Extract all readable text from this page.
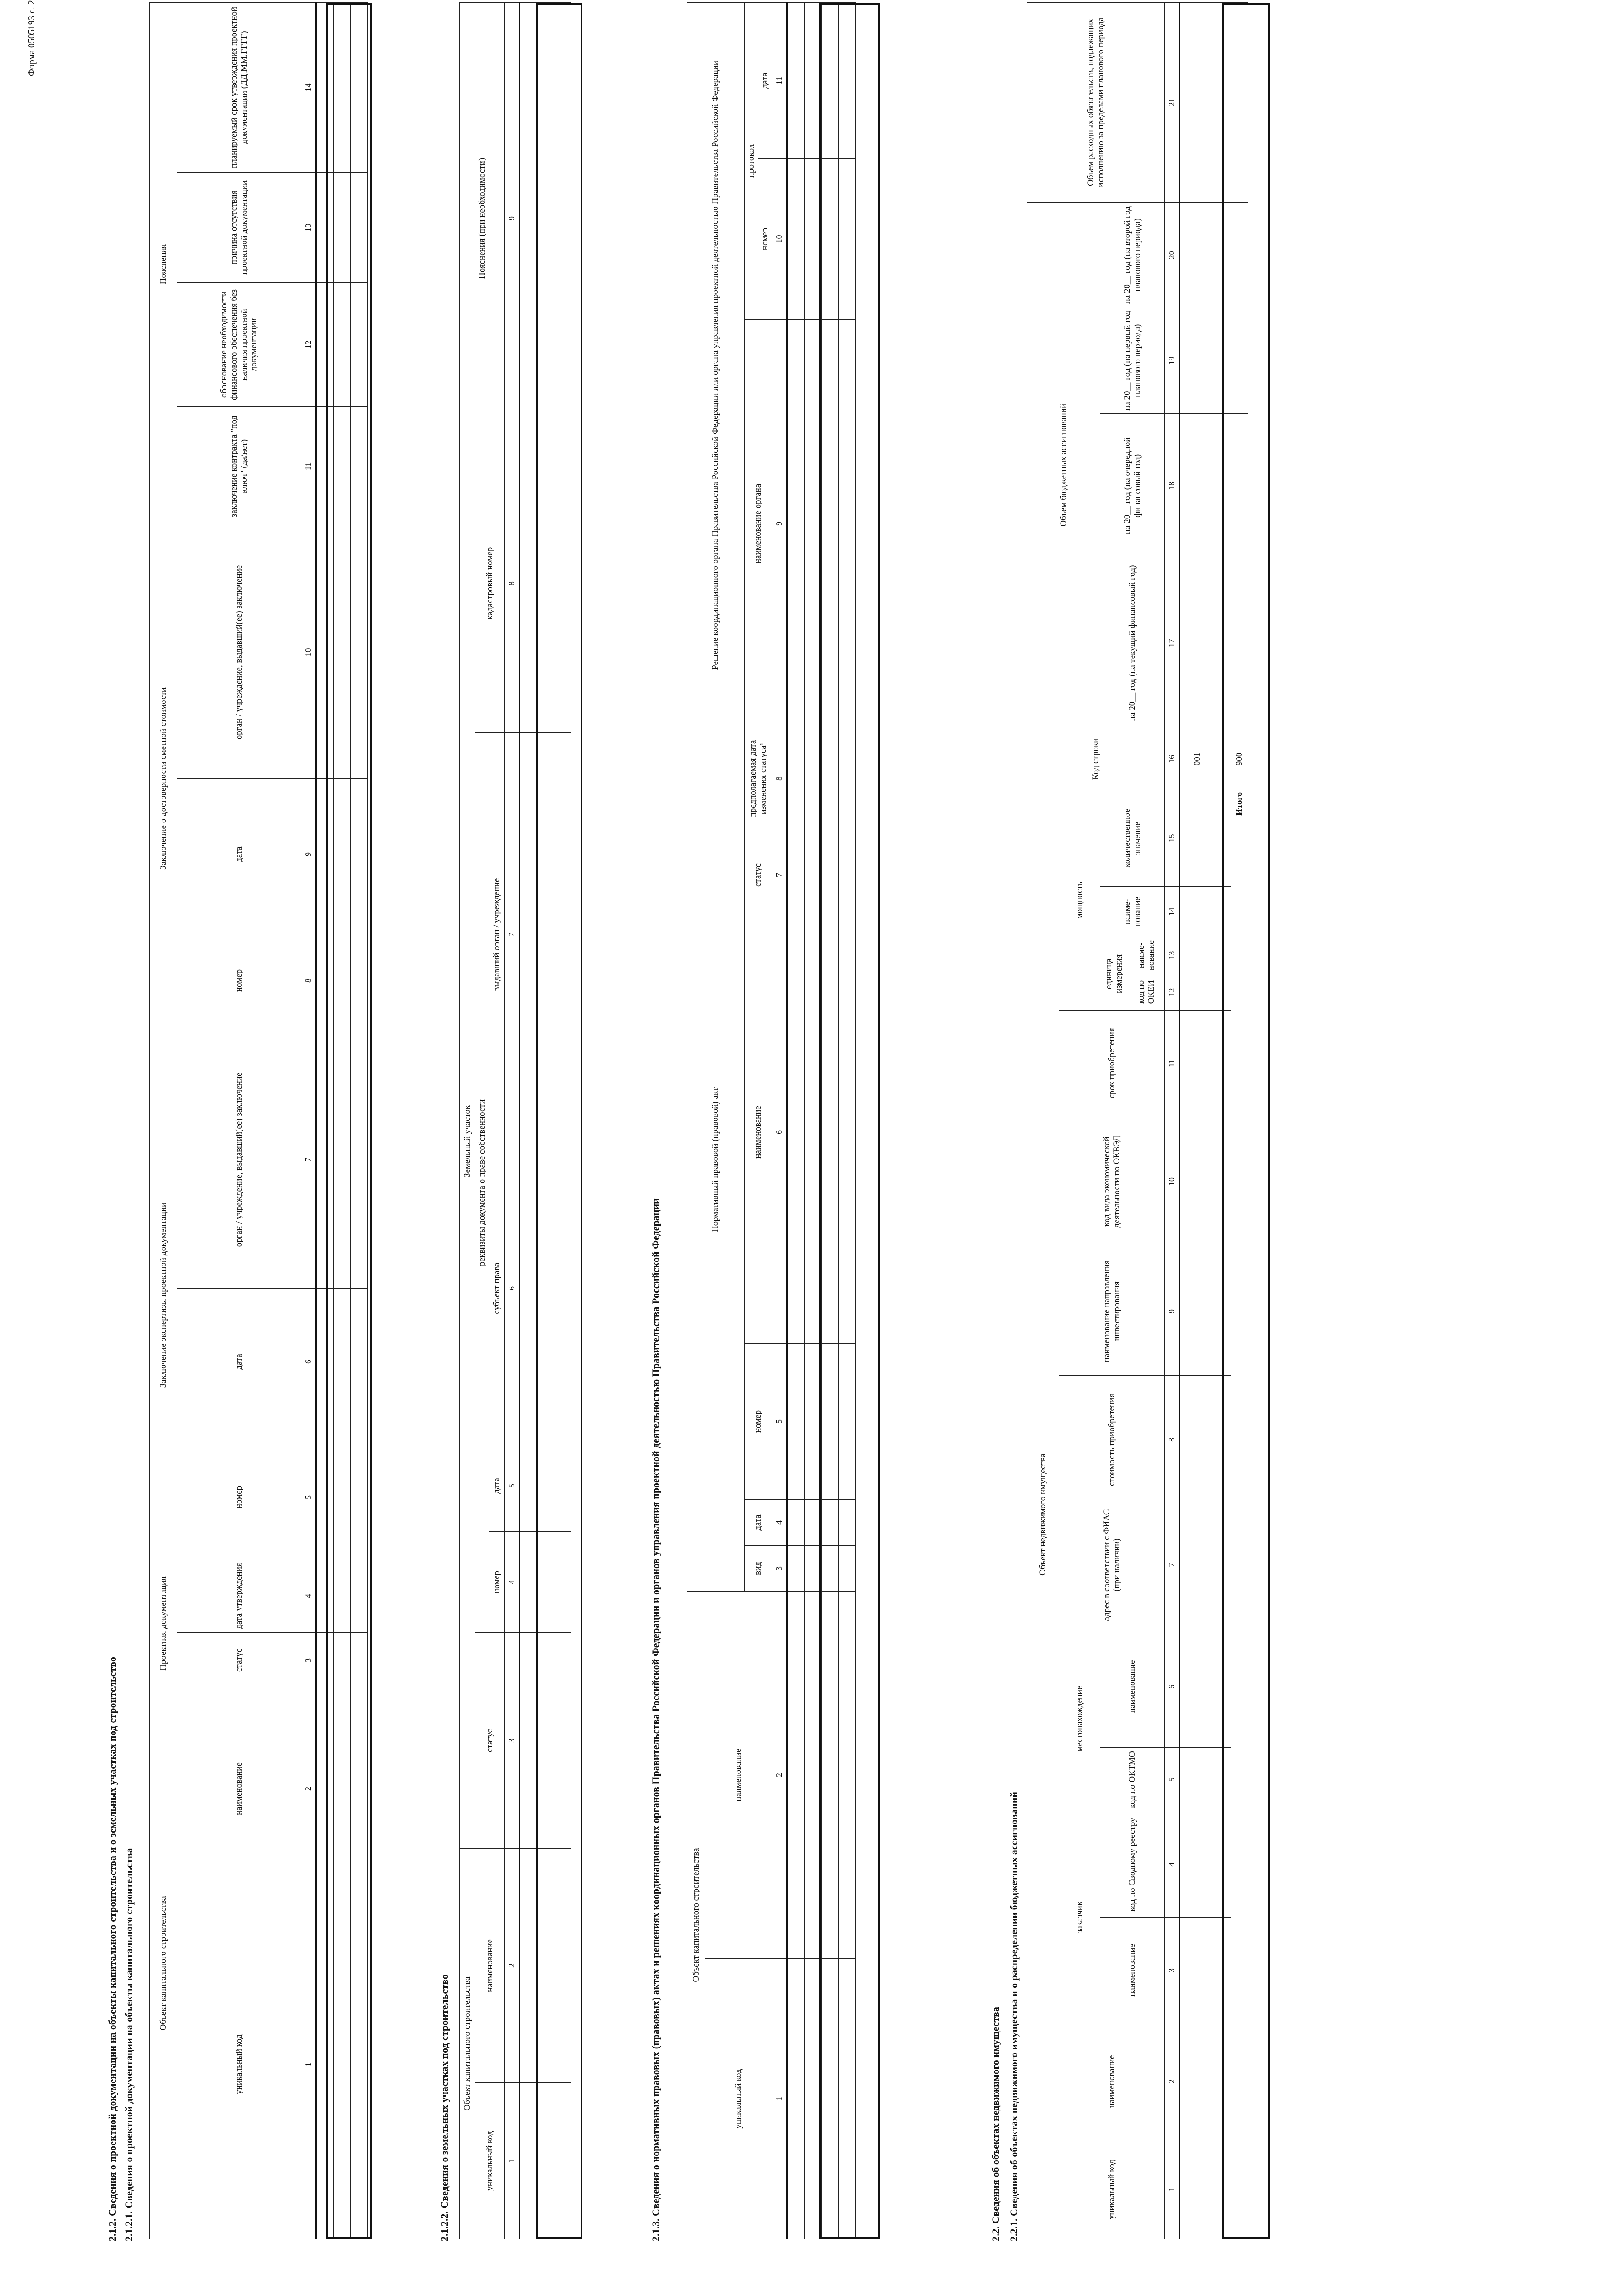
Форма 0505193 с. 2
2.1.2. Сведения о проектной документации на объекты капитального строительства и о земельных участках под строительство 2.1.2.1. Сведения о проектной документации на объекты капитального строительства	Объект капитального строительства		Проектная документация		Заключение экспертизы проектной документации			Заключение о достоверности сметной стоимости			Пояснения			
уникальный код	наименование	статус	дата утверждения	номер	дата	орган / учреждение, выдавший(ее) заключение	номер	дата	орган / учреждение, выдавший(ее) заключение	заключение контракта "под ключ" (да/нет)	обоснование необходимости финансового обеспечения без наличия проектной документации	причина отсутствия проектной документации	планируемый срок утверждения проектной документации (ДД.ММ.ГГГГ)
1	2	3	4	5	6	7	8	9	10	11	12	13	14

2.1.2.2. Сведения о земельных участках под строительство Объект капитального строительства		Земельный участок						Пояснения (при необходимости)
уникальный код	наименование	статус	реквизиты документа о праве собственности				кадастровый номер	
			номер	дата	субъект права	выдавший орган / учреждение		
1	2	3	4	5	6	7	8	9

2.1.3. Сведения о нормативных правовых (правовых) актах и решениях координационных органов Правительства Российской Федерации и органов управления проектной деятельностью Правительства Российской Федерации	Объект капитального строительства		Нормативный правовой (правовой) акт						Решение координационного органа Правительства Российской Федерации или органа управления проектной деятельностью Правительства Российской Федерации		
уникальный код	наименование									
		вид	дата	номер	наименование	статус	предполагаемая дата изменения статуса¹	наименование органа	протокол	
									номер	дата
1	2	3	4	5	6	7	8	9	10	11

2.2. Сведения об объектах недвижимого имущества 2.2.1. Сведения об объектах недвижимого имущества и о распределении бюджетных ассигнований
Объект недвижимого имущества															Код строки	Объем бюджетных ассигнований				Объем расходных обязательств, подлежащих исполнению за пределами планового периода
уникальный код	наименование	заказчик		местонахождение		адрес в соответствии с ФИАС (при наличии)	стоимость приобретения	наименование направления инвестирования	код вида экономической деятельности по ОКВЭД	срок приобретения	мощность									
		наименование	код по Сводному реестру	код по ОКТМО	наименование						единица измерения		наиме-нование	количественное значение		на 20__ год (на текущий финансовый год)	на 20__ год (на очередной финансовый год)	на 20__ год (на первый год планового периода)	на 20__ год (на второй год планового периода)	
											код по ОКЕИ	наиме-нование								
1	2	3	4	5	6	7	8	9	10	11	12	13	14	15	16	17	18	19	20	21
															001					

Итого															900					
